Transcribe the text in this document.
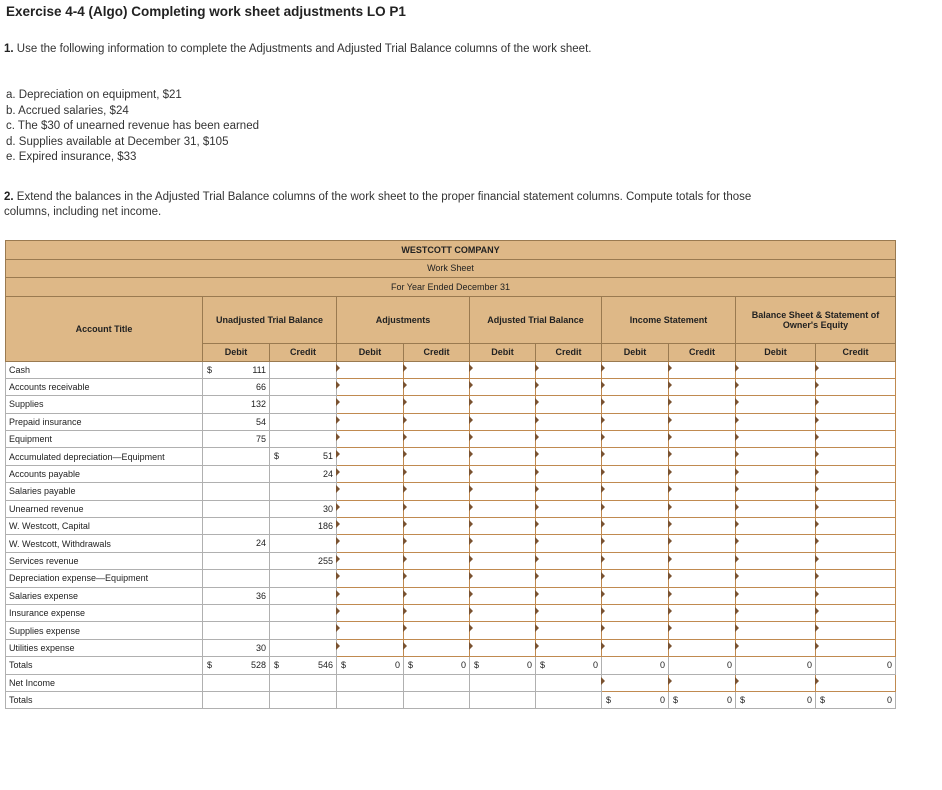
Exercise 4-4 (Algo) Completing work sheet adjustments LO P1
1. Use the following information to complete the Adjustments and Adjusted Trial Balance columns of the work sheet.
a. Depreciation on equipment, $21
b. Accrued salaries, $24
c. The $30 of unearned revenue has been earned
d. Supplies available at December 31, $105
e. Expired insurance, $33
2. Extend the balances in the Adjusted Trial Balance columns of the work sheet to the proper financial statement columns. Compute totals for those columns, including net income.
WESTCOTT COMPANY										
Work Sheet										
For Year Ended December 31										
Account Title	Unadjusted Trial Balance		Adjustments		Adjusted Trial Balance		Income Statement		Balance Sheet & Statement of Owner's Equity	
	Debit	Credit	Debit	Credit	Debit	Credit	Debit	Credit	Debit	Credit
Cash	$ 111									

Accounts receivable	66									

Supplies	132									

Prepaid insurance	54									

Equipment	75									

Accumulated depreciation—Equipment		$ 51								

Accounts payable		24								

Salaries payable	

Unearned revenue		30								

W. Westcott, Capital		186								

W. Westcott, Withdrawals	24									

Services revenue		255								

Depreciation expense—Equipment	

Salaries expense	36									

Insurance expense	

Supplies expense	

Utilities expense	30									

Totals	$ 528	$ 546	$ 0	$ 0	$ 0	$ 0	0	0	0	0

Net Income										
Totals							$ 0	$ 0	$ 0	$ 0
